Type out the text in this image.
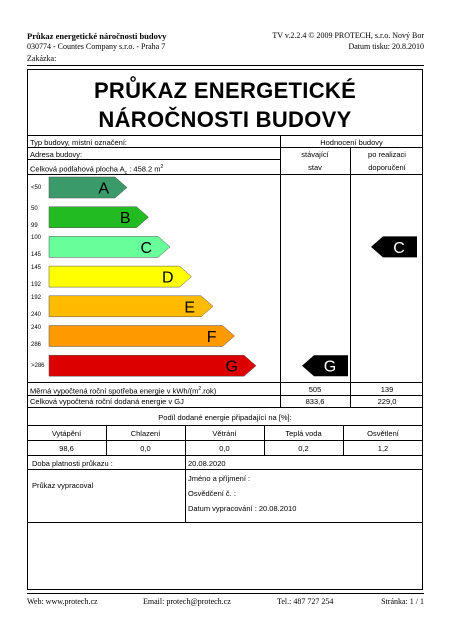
Průkaz energetické náročnosti budovy
030774 - Countes Company s.r.o. - Praha 7
Zakázka:
TV v.2.2.4 © 2009 PROTECH, s.r.o. Nový Bor
Datum tisku: 20.8.2010
PRŮKAZ ENERGETICKÉ
NÁROČNOSTI BUDOVY
Typ budovy, místní označení:	Hodnocení budovy
Adresa budovy:	stávající	po realizaci
Celková podlahová plocha $A_c$ : 458.2 $m^2$	stav	doporučení
A
B
C
D
E
F
G	G
C
<50
50
99
100
145
145
192
192
240
240
286
>286
Měrná vypočtená roční spotřeba energie v kWh/$(m^2.rok)$	505	139
Celková vypočtená roční dodaná energie v GJ	833,6	229,0
Podíl dodané energie připadající na [%]:
Vytápění	Chlazení	Větrání	Teplá voda	Osvětlení
98,6	0,0	0,0	0,2	1,2
Doba platnosti průkazu :	20.08.2020
Průkaz vypracoval
Jméno a příjmení :
Osvědčení č. :
Datum vypracování : 20.08.2010
Web: www.protech.cz	Email: protech@protech.cz	Tel.: 487 727 254	Stránka: 1 / 1
